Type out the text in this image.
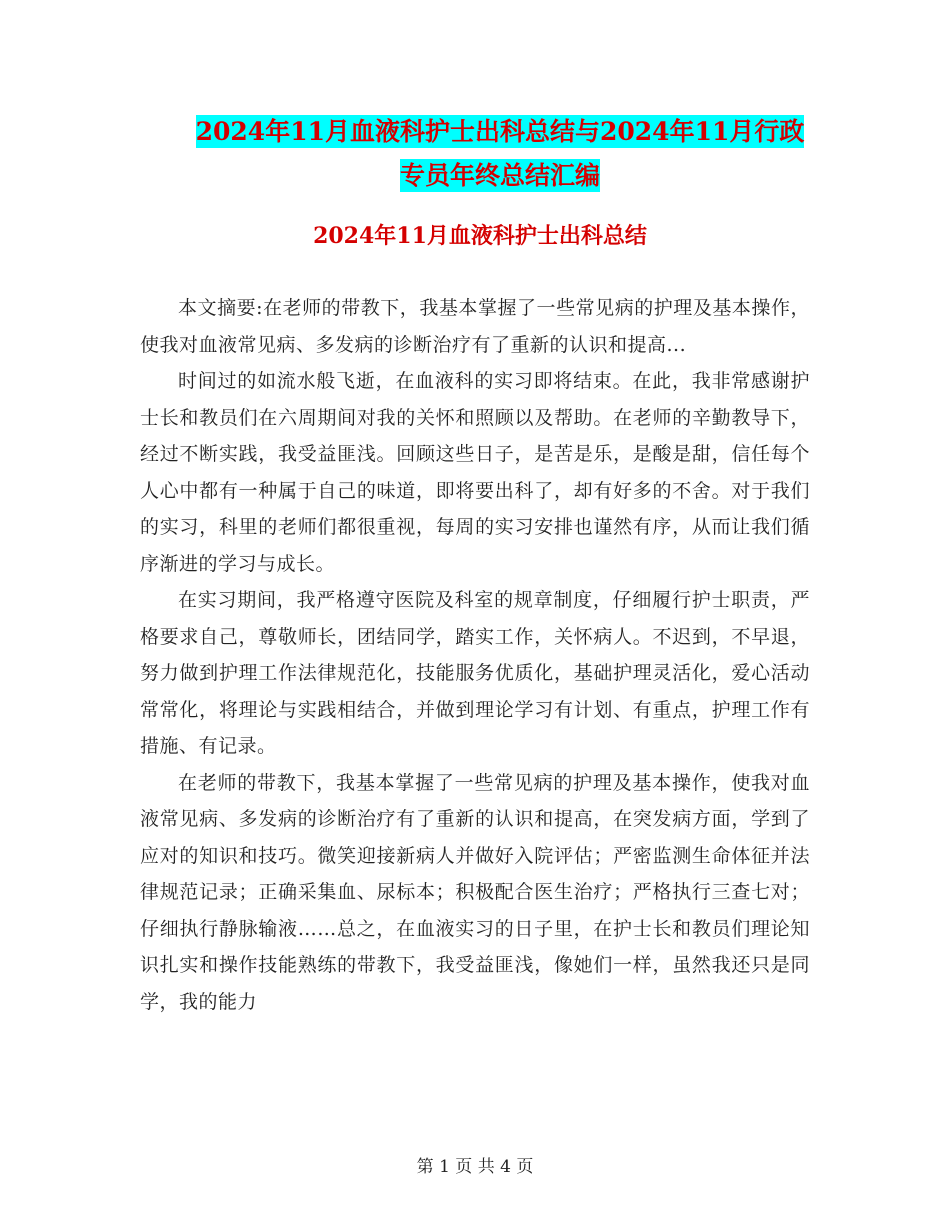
2024年11月血液科护士出科总结与2024年11月行政
专员年终总结汇编
2024年11月血液科护士出科总结

本文摘要:在老师的带教下，我基本掌握了一些常见病的护理及基本操作，使我对血液常见病、多发病的诊断治疗有了重新的认识和提高...

时间过的如流水般飞逝，在血液科的实习即将结束。在此，我非常感谢护士长和教员们在六周期间对我的关怀和照顾以及帮助。在老师的辛勤教导下，经过不断实践，我受益匪浅。回顾这些日子，是苦是乐，是酸是甜，信任每个人心中都有一种属于自己的味道，即将要出科了，却有好多的不舍。对于我们的实习，科里的老师们都很重视，每周的实习安排也谨然有序，从而让我们循序渐进的学习与成长。

在实习期间，我严格遵守医院及科室的规章制度，仔细履行护士职责，严格要求自己，尊敬师长，团结同学，踏实工作，关怀病人。不迟到，不早退，努力做到护理工作法律规范化，技能服务优质化，基础护理灵活化，爱心活动常常化，将理论与实践相结合，并做到理论学习有计划、有重点，护理工作有措施、有记录。

在老师的带教下，我基本掌握了一些常见病的护理及基本操作，使我对血液常见病、多发病的诊断治疗有了重新的认识和提高，在突发病方面，学到了应对的知识和技巧。微笑迎接新病人并做好入院评估；严密监测生命体征并法律规范记录；正确采集血、尿标本；积极配合医生治疗；严格执行三查七对；仔细执行静脉输液……总之，在血液实习的日子里，在护士长和教员们理论知识扎实和操作技能熟练的带教下，我受益匪浅，像她们一样，虽然我还只是同学，我的能力

第 1 页 共 4 页
